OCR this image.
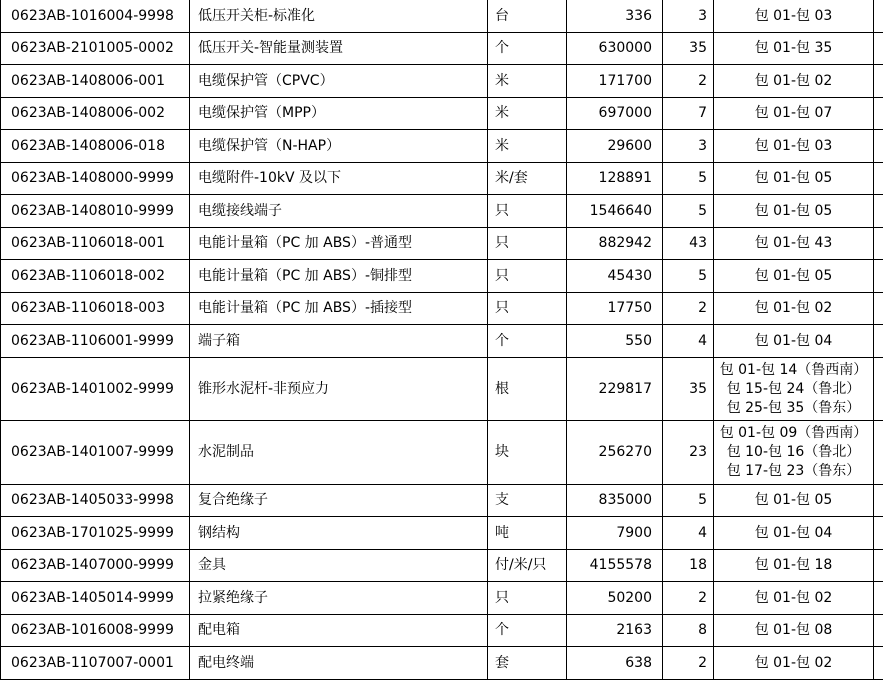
0623AB-1016004-9998	低压开关柜-标准化	台	336	3	包 01-包 03	

0623AB-2101005-0002	低压开关-智能量测装置	个	630000	35	包 01-包 35	

0623AB-1408006-001	电缆保护管（CPVC）	米	171700	2	包 01-包 02	

0623AB-1408006-002	电缆保护管（MPP）	米	697000	7	包 01-包 07	

0623AB-1408006-018	电缆保护管（N-HAP）	米	29600	3	包 01-包 03	

0623AB-1408000-9999	电缆附件-10kV 及以下	米/套	128891	5	包 01-包 05	

0623AB-1408010-9999	电缆接线端子	只	1546640	5	包 01-包 05	

0623AB-1106018-001	电能计量箱（PC 加 ABS）-普通型	只	882942	43	包 01-包 43	

0623AB-1106018-002	电能计量箱（PC 加 ABS）-铜排型	只	45430	5	包 01-包 05	

0623AB-1106018-003	电能计量箱（PC 加 ABS）-插接型	只	17750	2	包 01-包 02	

0623AB-1106001-9999	端子箱	个	550	4	包 01-包 04	

0623AB-1401002-9999	锥形水泥杆-非预应力	根	229817	35	包 01-包 14（鲁西南）
包 15-包 24（鲁北）
包 25-包 35（鲁东）	

0623AB-1401007-9999	水泥制品	块	256270	23	包 01-包 09（鲁西南）
包 10-包 16（鲁北）
包 17-包 23（鲁东）	

0623AB-1405033-9998	复合绝缘子	支	835000	5	包 01-包 05	

0623AB-1701025-9999	钢结构	吨	7900	4	包 01-包 04	

0623AB-1407000-9999	金具	付/米/只	4155578	18	包 01-包 18	

0623AB-1405014-9999	拉紧绝缘子	只	50200	2	包 01-包 02	

0623AB-1016008-9999	配电箱	个	2163	8	包 01-包 08	

0623AB-1107007-0001	配电终端	套	638	2	包 01-包 02	
